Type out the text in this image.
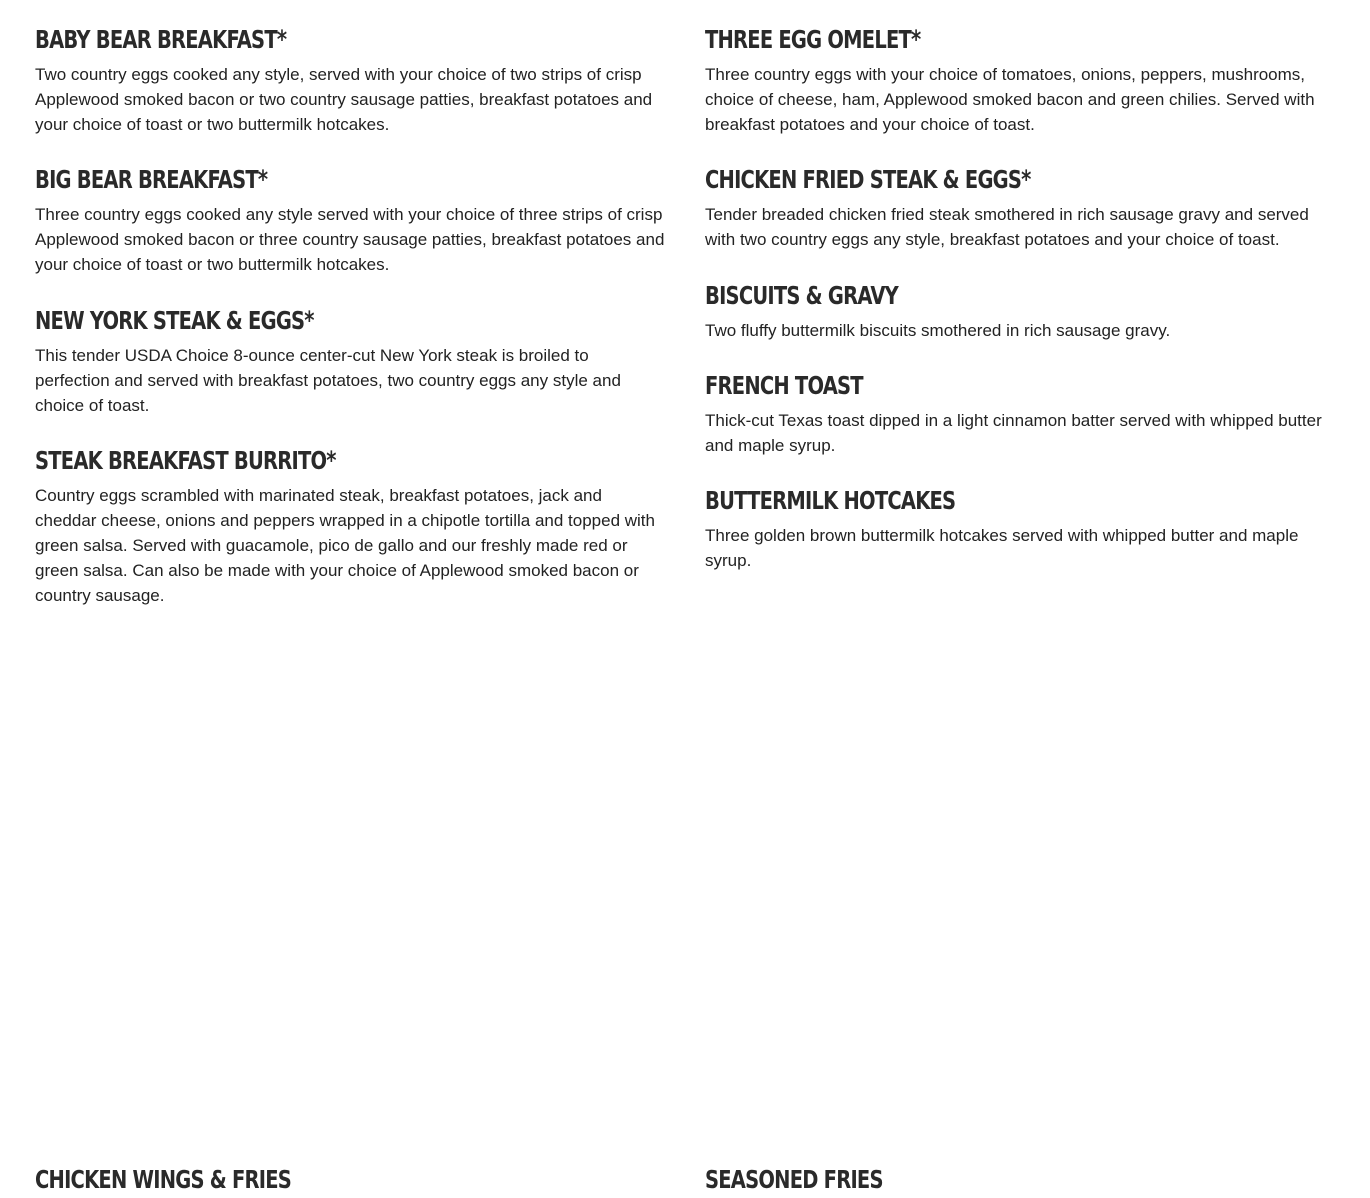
BABY BEAR BREAKFAST*

Two country eggs cooked any style, served with your choice of two strips of crisp Applewood smoked bacon or two country sausage patties, breakfast potatoes and your choice of toast or two buttermilk hotcakes.

BIG BEAR BREAKFAST*

Three country eggs cooked any style served with your choice of three strips of crisp Applewood smoked bacon or three country sausage patties, breakfast potatoes and your choice of toast or two buttermilk hotcakes.

NEW YORK STEAK & EGGS*

This tender USDA Choice 8-ounce center-cut New York steak is broiled to perfection and served with breakfast potatoes, two country eggs any style and choice of toast.

STEAK BREAKFAST BURRITO*

Country eggs scrambled with marinated steak, breakfast potatoes, jack and cheddar cheese, onions and peppers wrapped in a chipotle tortilla and topped with green salsa. Served with guacamole, pico de gallo and our freshly made red or green salsa. Can also be made with your choice of Applewood smoked bacon or country sausage.

THREE EGG OMELET*

Three country eggs with your choice of tomatoes, onions, peppers, mushrooms, choice of cheese, ham, Applewood smoked bacon and green chilies. Served with breakfast potatoes and your choice of toast.

CHICKEN FRIED STEAK & EGGS*

Tender breaded chicken fried steak smothered in rich sausage gravy and served with two country eggs any style, breakfast potatoes and your choice of toast.

BISCUITS & GRAVY

Two fluffy buttermilk biscuits smothered in rich sausage gravy.

FRENCH TOAST

Thick-cut Texas toast dipped in a light cinnamon batter served with whipped butter and maple syrup.

BUTTERMILK HOTCAKES

Three golden brown buttermilk hotcakes served with whipped butter and maple syrup.

CHICKEN WINGS & FRIES	SEASONED FRIES
